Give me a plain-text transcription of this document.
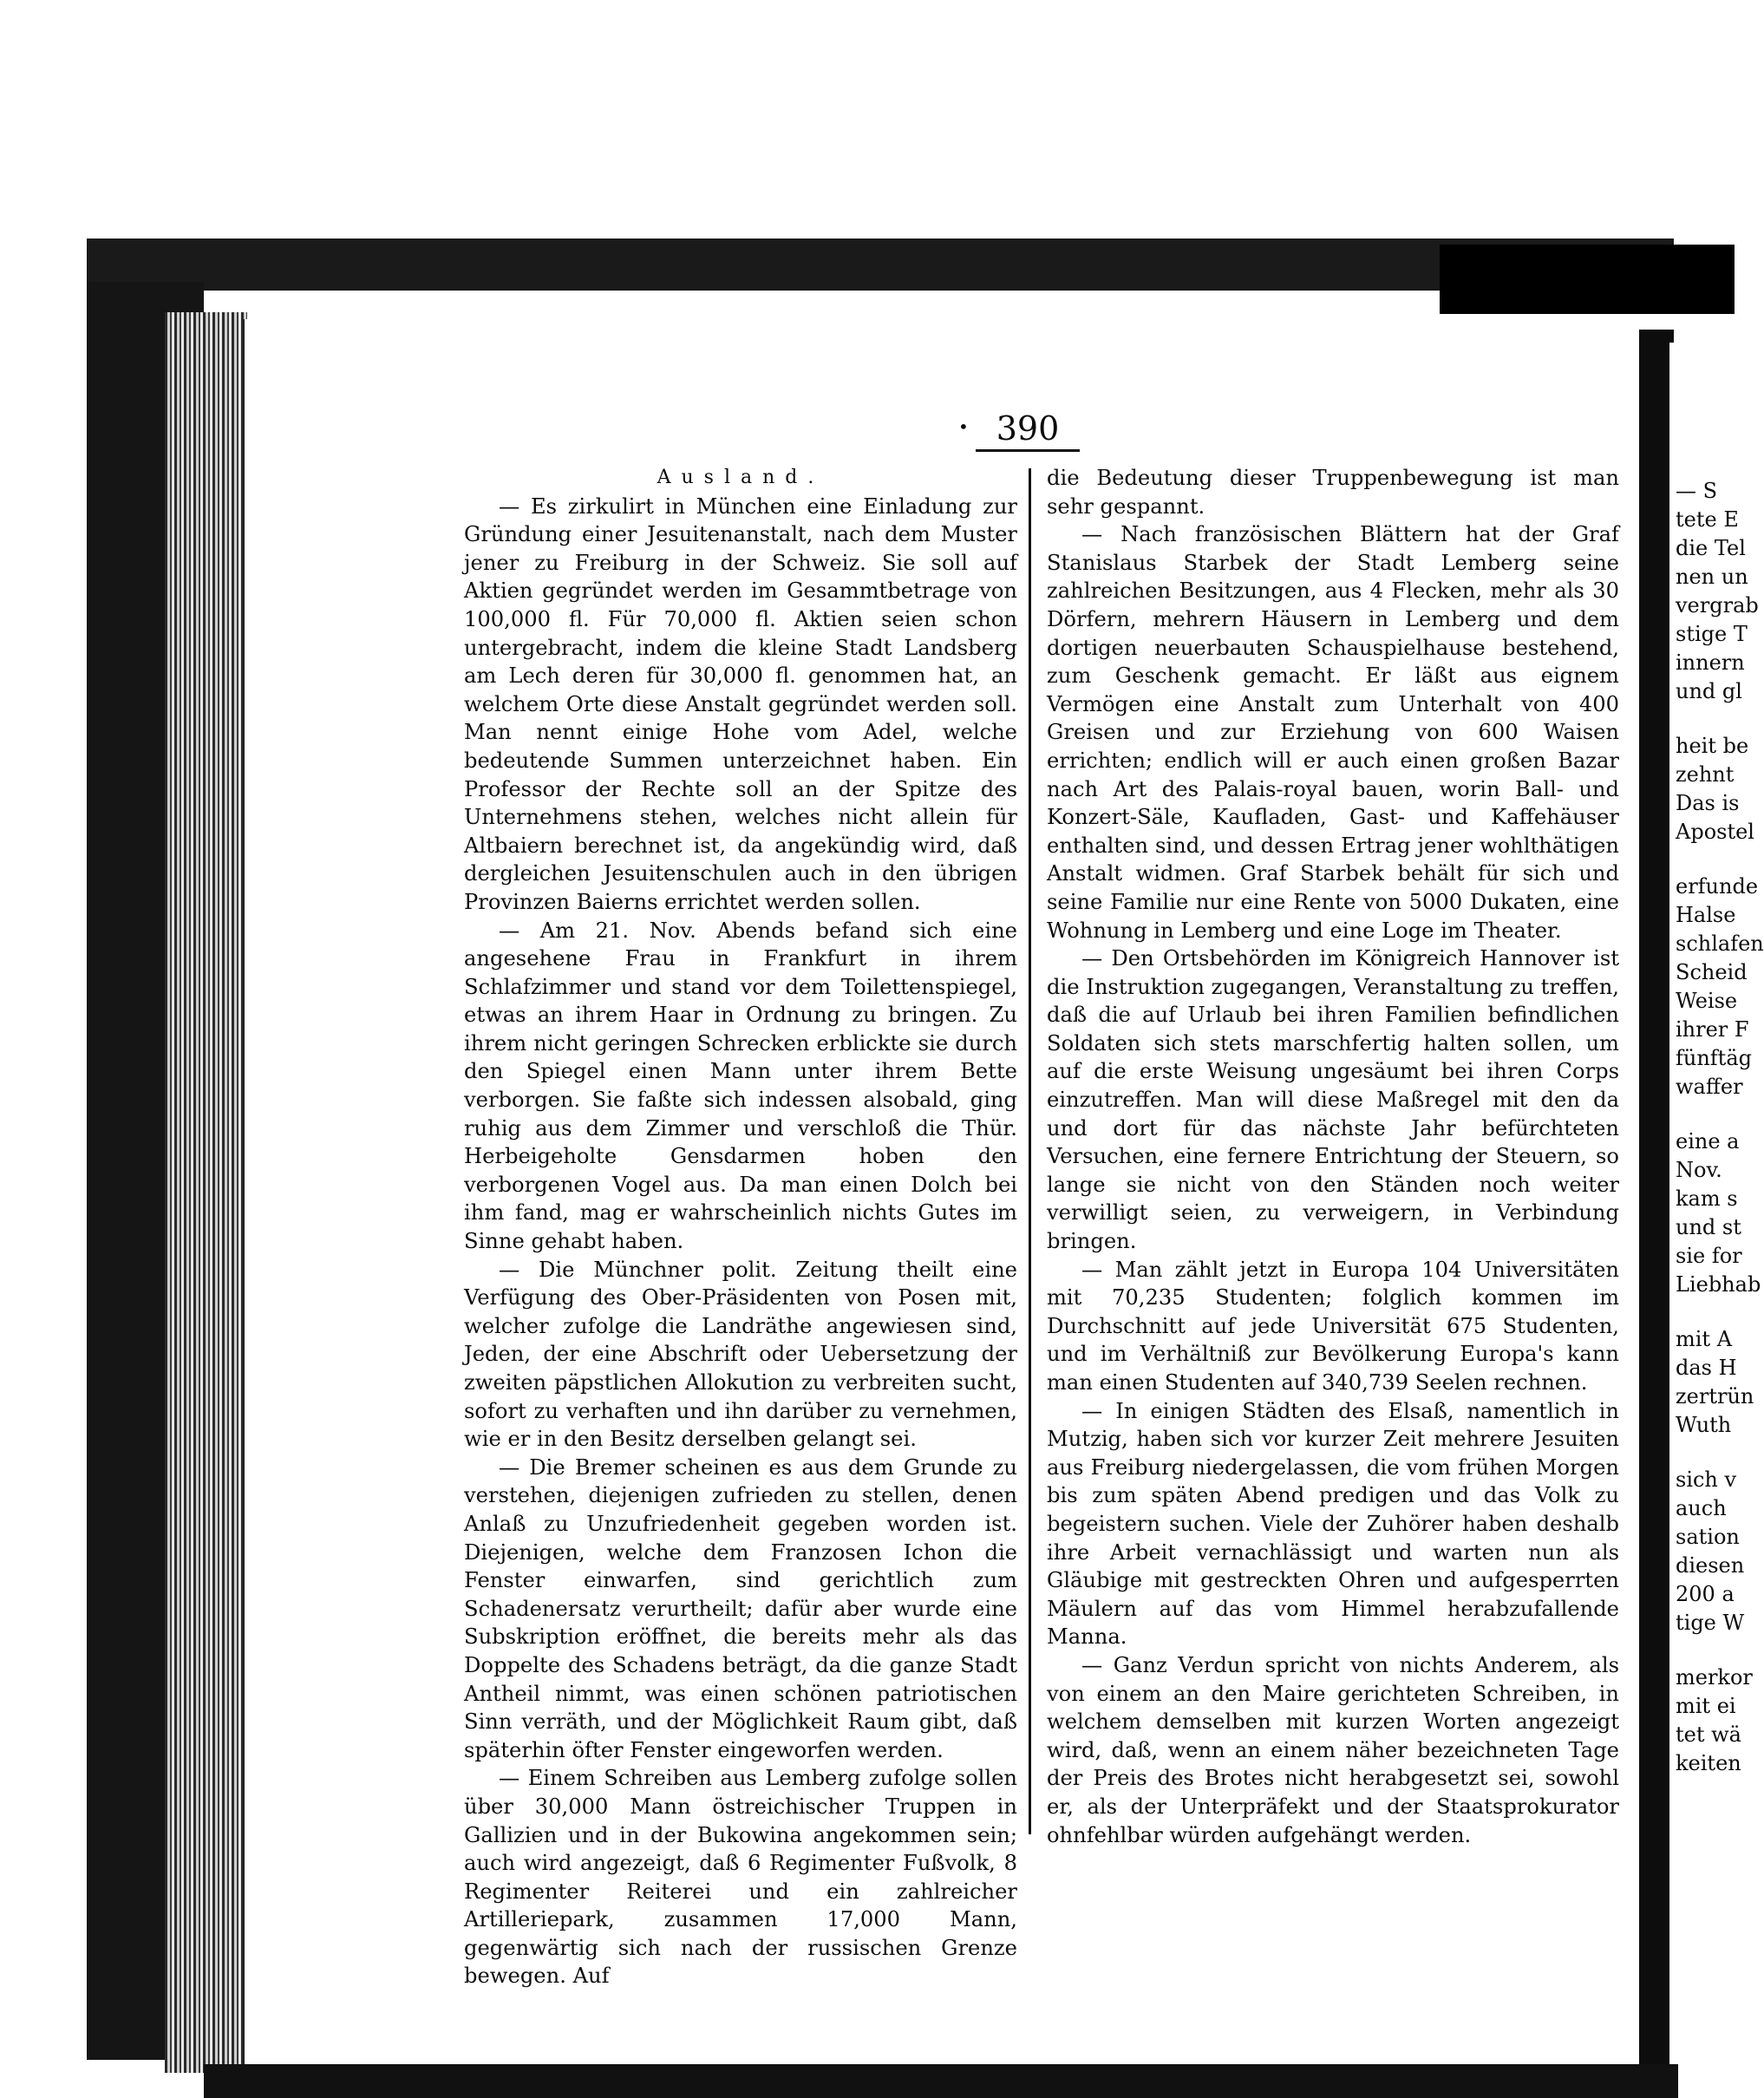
• 390

Ausland.

— Es zirkulirt in München eine Einladung zur Gründung einer Jesuitenanstalt, nach dem Muster jener zu Freiburg in der Schweiz. Sie soll auf Aktien gegründet werden im Gesammtbetrage von 100,000 fl. Für 70,000 fl. Aktien seien schon untergebracht, indem die kleine Stadt Landsberg am Lech deren für 30,000 fl. genommen hat, an welchem Orte diese Anstalt gegründet werden soll. Man nennt einige Hohe vom Adel, welche bedeutende Summen unterzeichnet haben. Ein Professor der Rechte soll an der Spitze des Unternehmens stehen, welches nicht allein für Altbaiern berechnet ist, da angekündig wird, daß dergleichen Jesuitenschulen auch in den übrigen Provinzen Baierns errichtet werden sollen.

— Am 21. Nov. Abends befand sich eine angesehene Frau in Frankfurt in ihrem Schlafzimmer und stand vor dem Toilettenspiegel, etwas an ihrem Haar in Ordnung zu bringen. Zu ihrem nicht geringen Schrecken erblickte sie durch den Spiegel einen Mann unter ihrem Bette verborgen. Sie faßte sich indessen alsobald, ging ruhig aus dem Zimmer und verschloß die Thür. Herbeigeholte Gensdarmen hoben den verborgenen Vogel aus. Da man einen Dolch bei ihm fand, mag er wahrscheinlich nichts Gutes im Sinne gehabt haben.

— Die Münchner polit. Zeitung theilt eine Verfügung des Ober-Präsidenten von Posen mit, welcher zufolge die Landräthe angewiesen sind, Jeden, der eine Abschrift oder Uebersetzung der zweiten päpstlichen Allokution zu verbreiten sucht, sofort zu verhaften und ihn darüber zu vernehmen, wie er in den Besitz derselben gelangt sei.

— Die Bremer scheinen es aus dem Grunde zu verstehen, diejenigen zufrieden zu stellen, denen Anlaß zu Unzufriedenheit gegeben worden ist. Diejenigen, welche dem Franzosen Ichon die Fenster einwarfen, sind gerichtlich zum Schadenersatz verurtheilt; dafür aber wurde eine Subskription eröffnet, die bereits mehr als das Doppelte des Schadens beträgt, da die ganze Stadt Antheil nimmt, was einen schönen patriotischen Sinn verräth, und der Möglichkeit Raum gibt, daß späterhin öfter Fenster eingeworfen werden.

— Einem Schreiben aus Lemberg zufolge sollen über 30,000 Mann östreichischer Truppen in Gallizien und in der Bukowina angekommen sein; auch wird angezeigt, daß 6 Regimenter Fußvolk, 8 Regimenter Reiterei und ein zahlreicher Artilleriepark, zusammen 17,000 Mann, gegenwärtig sich nach der russischen Grenze bewegen. Auf

die Bedeutung dieser Truppenbewegung ist man sehr gespannt.

— Nach französischen Blättern hat der Graf Stanislaus Starbek der Stadt Lemberg seine zahlreichen Besitzungen, aus 4 Flecken, mehr als 30 Dörfern, mehrern Häusern in Lemberg und dem dortigen neuerbauten Schauspielhause bestehend, zum Geschenk gemacht. Er läßt aus eignem Vermögen eine Anstalt zum Unterhalt von 400 Greisen und zur Erziehung von 600 Waisen errichten; endlich will er auch einen großen Bazar nach Art des Palais-royal bauen, worin Ball- und Konzert-Säle, Kaufladen, Gast- und Kaffehäuser enthalten sind, und dessen Ertrag jener wohlthätigen Anstalt widmen. Graf Starbek behält für sich und seine Familie nur eine Rente von 5000 Dukaten, eine Wohnung in Lemberg und eine Loge im Theater.

— Den Ortsbehörden im Königreich Hannover ist die Instruktion zugegangen, Veranstaltung zu treffen, daß die auf Urlaub bei ihren Familien befindlichen Soldaten sich stets marschfertig halten sollen, um auf die erste Weisung ungesäumt bei ihren Corps einzutreffen. Man will diese Maßregel mit den da und dort für das nächste Jahr befürchteten Versuchen, eine fernere Entrichtung der Steuern, so lange sie nicht von den Ständen noch weiter verwilligt seien, zu verweigern, in Verbindung bringen.

— Man zählt jetzt in Europa 104 Universitäten mit 70,235 Studenten; folglich kommen im Durchschnitt auf jede Universität 675 Studenten, und im Verhältniß zur Bevölkerung Europa's kann man einen Studenten auf 340,739 Seelen rechnen.

— In einigen Städten des Elsaß, namentlich in Mutzig, haben sich vor kurzer Zeit mehrere Jesuiten aus Freiburg niedergelassen, die vom frühen Morgen bis zum späten Abend predigen und das Volk zu begeistern suchen. Viele der Zuhörer haben deshalb ihre Arbeit vernachlässigt und warten nun als Gläubige mit gestreckten Ohren und aufgesperrten Mäulern auf das vom Himmel herabzufallende Manna.

— Ganz Verdun spricht von nichts Anderem, als von einem an den Maire gerichteten Schreiben, in welchem demselben mit kurzen Worten angezeigt wird, daß, wenn an einem näher bezeichneten Tage der Preis des Brotes nicht herabgesetzt sei, sowohl er, als der Unterpräfekt und der Staatsprokurator ohnfehlbar würden aufgehängt werden.

— S
tete E
die Tel
nen un
vergrab
stige T
innern
und gl
heit be
zehnt
Das is
Apostel
erfunde
Halse
schlafen
Scheid
Weise
ihrer F
fünftäg
waffer
eine a
Nov.
kam s
und st
sie for
Liebhab
mit A
das H
zertrün
Wuth
sich v
auch
sation
diesen
200 a
tige W
merkor
mit ei
tet wä
keiten
